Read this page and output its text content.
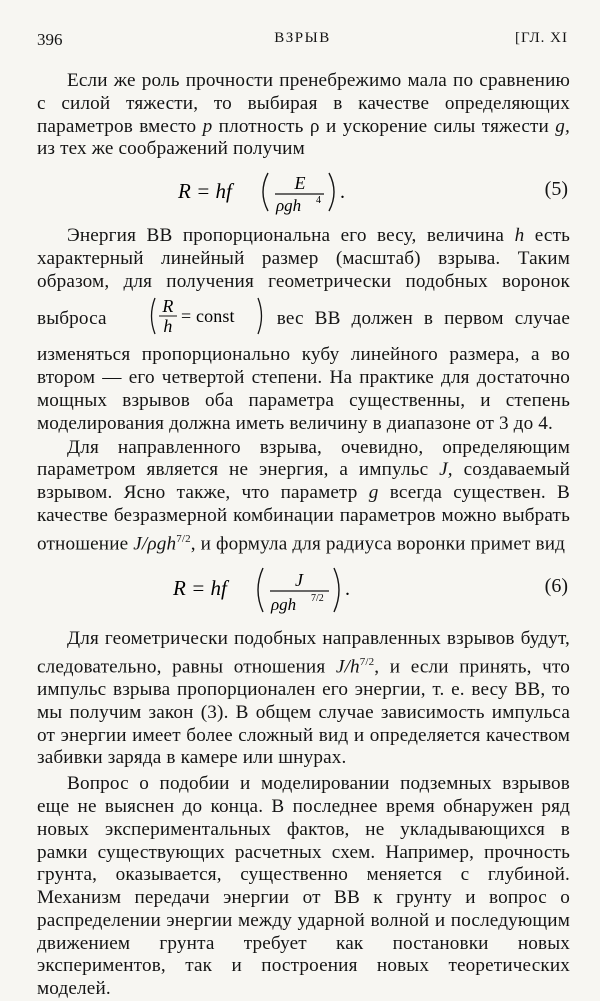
396	ВЗРЫВ	[ГЛ. XI

Если же роль прочности пренебрежимо мала по сравнению с силой тяжести, то выбирая в качестве определяющих параметров вместо p плотность ρ и ускорение силы тяжести g, из тех же соображений получим

R = hf	E
ρgh 4 .	(5)

Энергия ВВ пропорциональна его весу, величина h есть характерный линейный размер (масштаб) взрыва. Таким образом, для получения геометрически подобных воронок выброса
R
h = const вес ВВ должен в первом случае изменяться пропорционально кубу линейного размера, а во втором — его четвертой степени. На практике для достаточно мощных взрывов оба параметра существенны, и степень моделирования должна иметь величину в диапазоне от 3 до 4.

Для направленного взрыва, очевидно, определяющим параметром является не энергия, а импульс J, создаваемый взрывом. Ясно также, что параметр g всегда существен. В качестве безразмерной комбинации параметров можно выбрать отношение J/ρgh$^{7/2}$, и формула для радиуса воронки примет вид

R = hf	J
ρgh 7/2 .	(6)

Для геометрически подобных направленных взрывов будут, следовательно, равны отношения $J/h^{7/2}$, и если принять, что импульс взрыва пропорционален его энергии, т. е. весу ВВ, то мы получим закон (3). В общем случае зависимость импульса от энергии имеет более сложный вид и определяется качеством забивки заряда в камере или шнурах.

Вопрос о подобии и моделировании подземных взрывов еще не выяснен до конца. В последнее время обнаружен ряд новых экспериментальных фактов, не укладывающихся в рамки существующих расчетных схем. Например, прочность грунта, оказывается, существенно меняется с глубиной. Механизм передачи энергии от ВВ к грунту и вопрос о распределении энергии между ударной волной и последующим движением грунта требует как постановки новых экспериментов, так и построения новых теоретических моделей.
